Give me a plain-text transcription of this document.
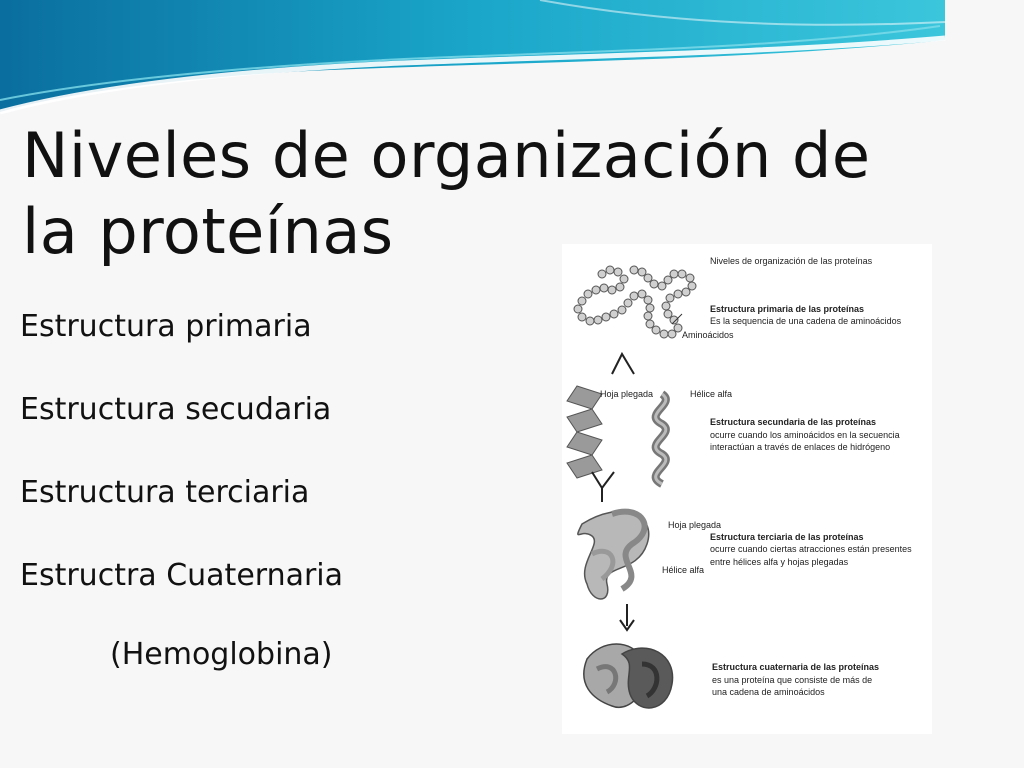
Niveles de organización de la proteínas
Estructura primaria
Estructura secudaria
Estructura terciaria
Estructra Cuaternaria
(Hemoglobina)
Niveles de organización de las proteínas
Estructura primaria de las proteínas
Es la sequencia de una cadena de aminoácidos
Aminoácidos
Hoja plegada	Hélice alfa
Estructura secundaria de las proteínas
ocurre cuando los aminoácidos en la secuencia
interactúan a través de enlaces de hidrógeno
Hoja plegada
Estructura terciaria de las proteínas
ocurre cuando ciertas atracciones están presentes
entre hélices alfa y hojas plegadas
Hélice alfa
Estructura cuaternaria de las proteínas
es una proteína que consiste de más de
una cadena de aminoácidos
